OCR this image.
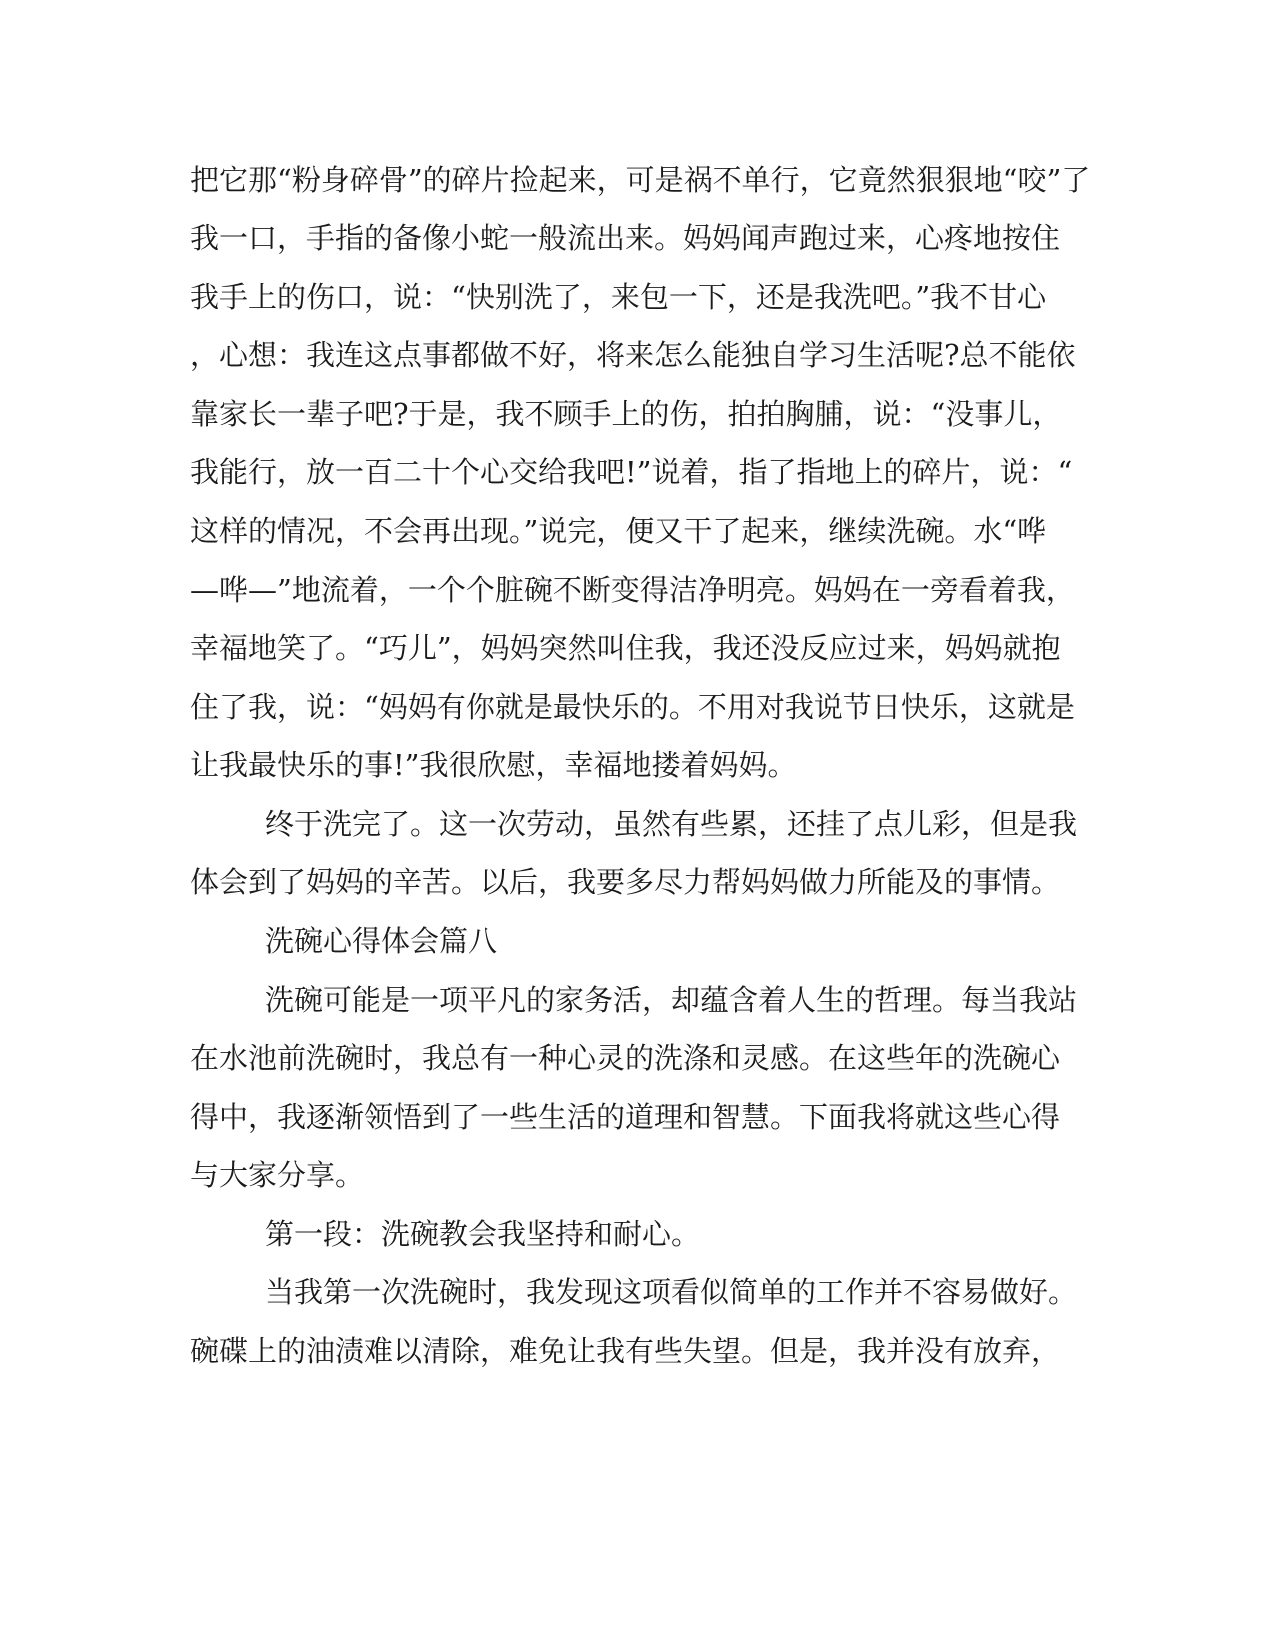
把它那“粉身碎骨”的碎片捡起来，可是祸不单行，它竟然狠狠地“咬”了
我一口，手指的备像小蛇一般流出来。妈妈闻声跑过来，心疼地按住
我手上的伤口，说：“快别洗了，来包一下，还是我洗吧。”我不甘心
，心想：我连这点事都做不好，将来怎么能独自学习生活呢?总不能依
靠家长一辈子吧?于是，我不顾手上的伤，拍拍胸脯，说：“没事儿，
我能行，放一百二十个心交给我吧!”说着，指了指地上的碎片，说：“
这样的情况，不会再出现。”说完，便又干了起来，继续洗碗。水“哗
—哗—”地流着，一个个脏碗不断变得洁净明亮。妈妈在一旁看着我，
幸福地笑了。“巧儿”，妈妈突然叫住我，我还没反应过来，妈妈就抱
住了我，说：“妈妈有你就是最快乐的。不用对我说节日快乐，这就是
让我最快乐的事!”我很欣慰，幸福地搂着妈妈。
终于洗完了。这一次劳动，虽然有些累，还挂了点儿彩，但是我
体会到了妈妈的辛苦。以后，我要多尽力帮妈妈做力所能及的事情。
洗碗心得体会篇八
洗碗可能是一项平凡的家务活，却蕴含着人生的哲理。每当我站
在水池前洗碗时，我总有一种心灵的洗涤和灵感。在这些年的洗碗心
得中，我逐渐领悟到了一些生活的道理和智慧。下面我将就这些心得
与大家分享。
第一段：洗碗教会我坚持和耐心。
当我第一次洗碗时，我发现这项看似简单的工作并不容易做好。
碗碟上的油渍难以清除，难免让我有些失望。但是，我并没有放弃，
